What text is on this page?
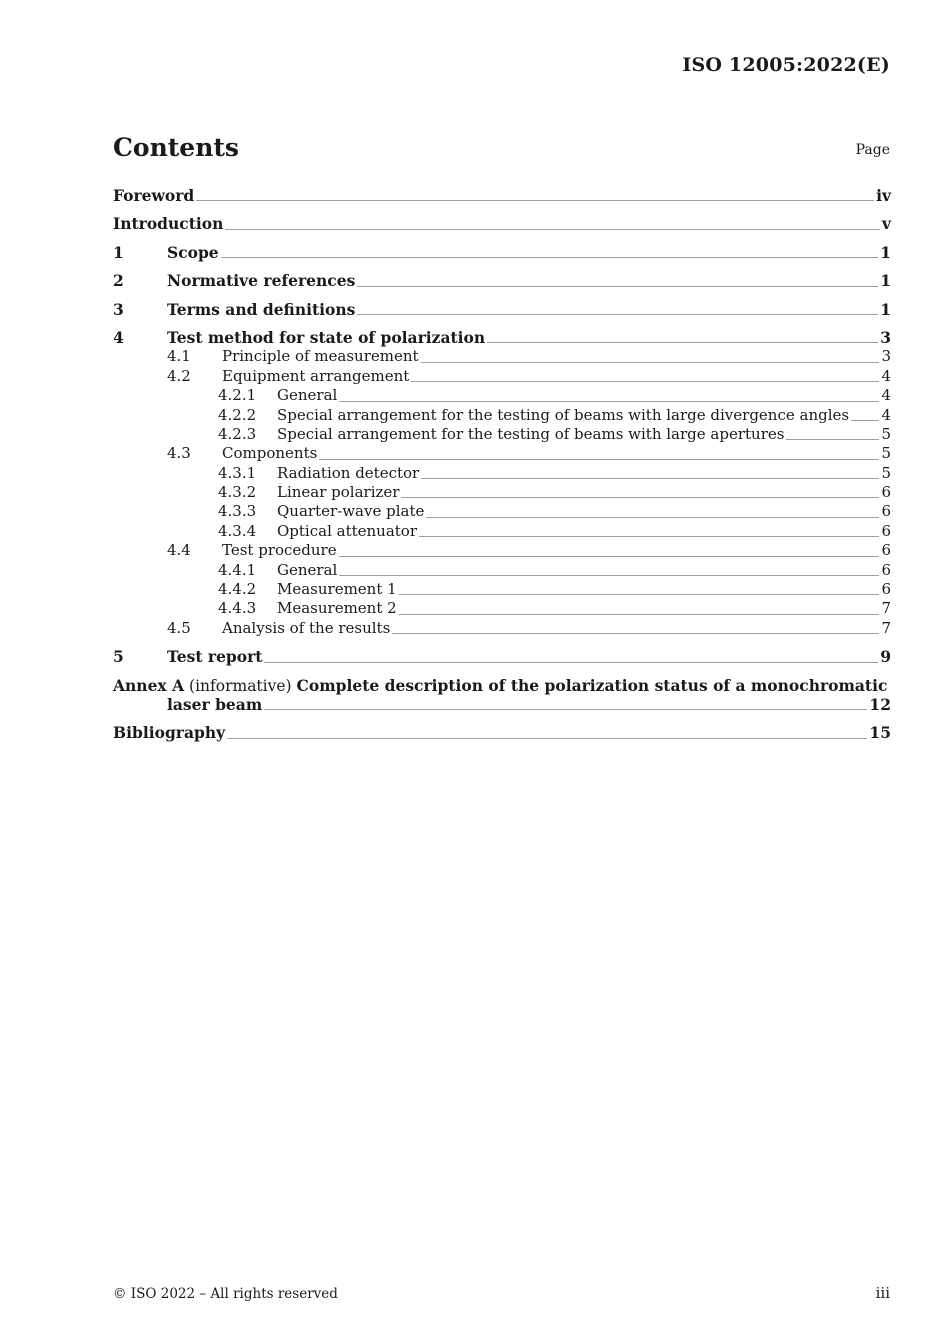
ISO 12005:2022(E)
Contents	Page
Foreword	iv
Introduction	v
1	Scope	1
2	Normative references	1
3	Terms and definitions	1
4	Test method for state of polarization	3
4.1	Principle of measurement	3
4.2	Equipment arrangement	4
4.2.1	General	4
4.2.2	Special arrangement for the testing of beams with large divergence angles 4
4.2.3	Special arrangement for the testing of beams with large apertures	5
4.3	Components	5
4.3.1	Radiation detector	5
4.3.2	Linear polarizer	6
4.3.3	Quarter-wave plate	6
4.3.4	Optical attenuator	6
4.4	Test procedure	6
4.4.1	General	6
4.4.2	Measurement 1	6
4.4.3	Measurement 2	7
4.5	Analysis of the results	7
5	Test report	9
Annex A (informative) Complete description of the polarization status of a monochromatic
laser beam	12
Bibliography	15
© ISO 2022 – All rights reserved	iii
